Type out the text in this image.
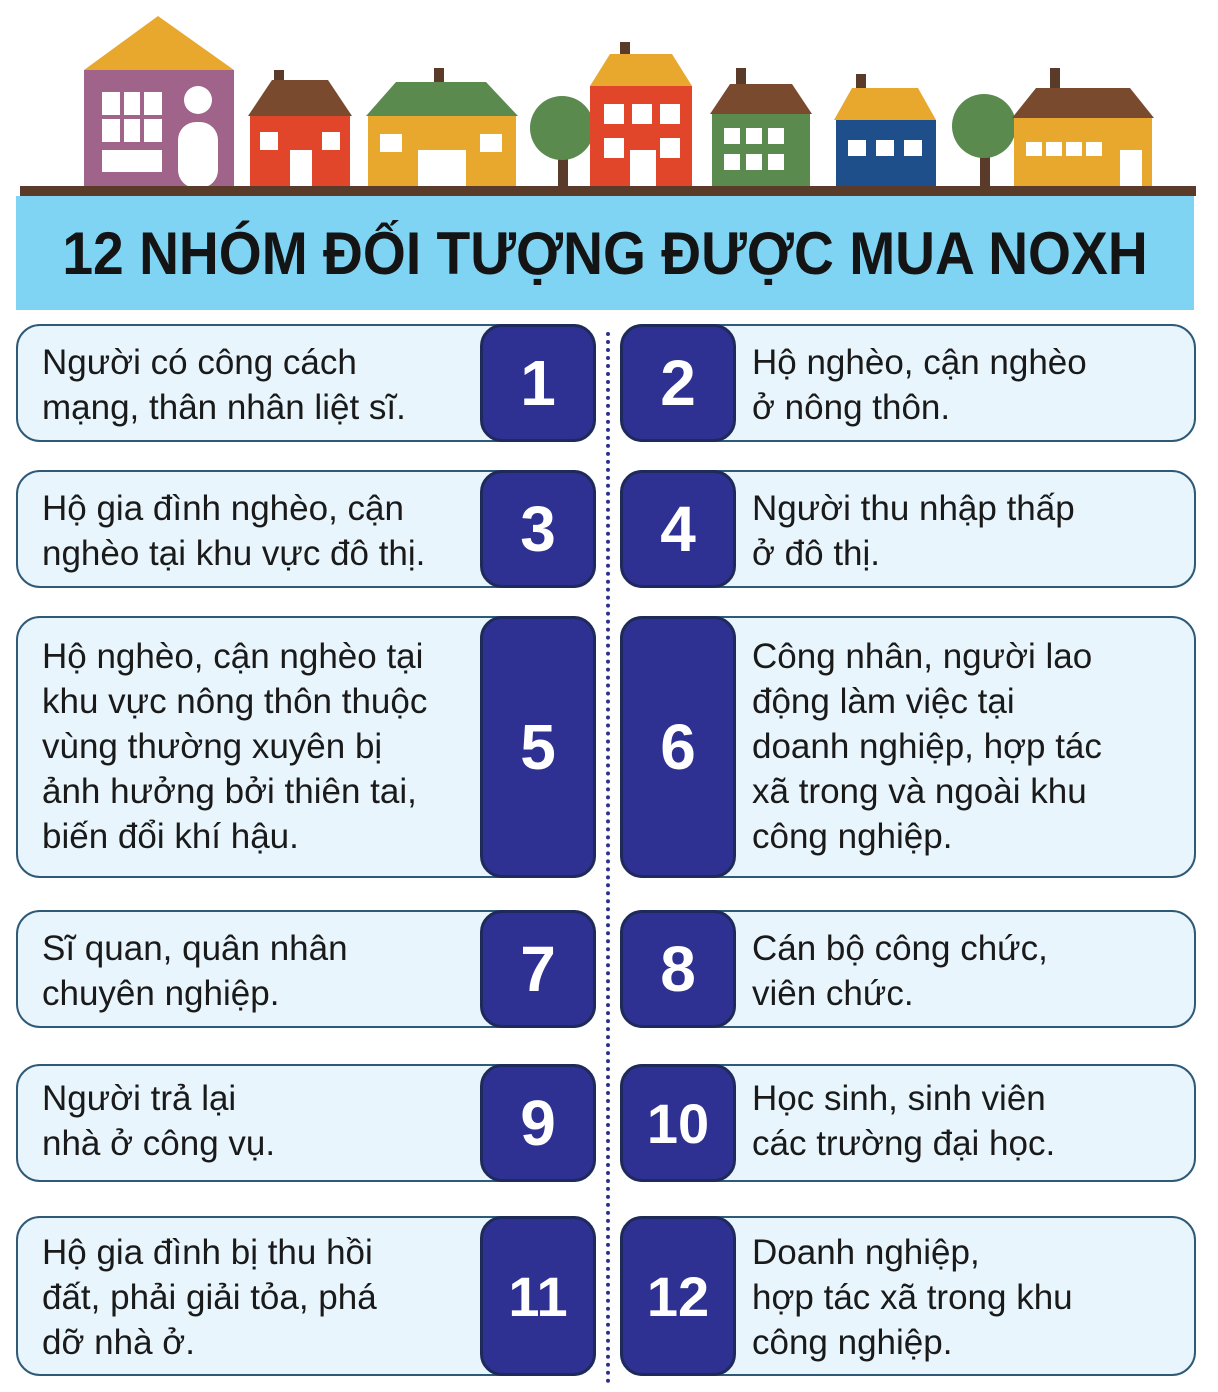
12 NHÓM ĐỐI TƯỢNG ĐƯỢC MUA NOXH
Người có công cách
mạng, thân nhân liệt sĩ.	1	Hộ nghèo, cận nghèo
ở nông thôn.
2
Hộ gia đình nghèo, cận
nghèo tại khu vực đô thị.	3	Người thu nhập thấp
ở đô thị.
4
Hộ nghèo, cận nghèo tại
khu vực nông thôn thuộc
vùng thường xuyên bị
ảnh hưởng bởi thiên tai,
biến đổi khí hậu.
5
Công nhân, người lao
động làm việc tại
doanh nghiệp, hợp tác
xã trong và ngoài khu
công nghiệp.
6
Sĩ quan, quân nhân
chuyên nghiệp.	7	Cán bộ công chức,
viên chức.
8
Người trả lại
nhà ở công vụ.	9	Học sinh, sinh viên
các trường đại học.
10
Hộ gia đình bị thu hồi
đất, phải giải tỏa, phá
dỡ nhà ở.
11
Doanh nghiệp,
hợp tác xã trong khu
công nghiệp.
12
